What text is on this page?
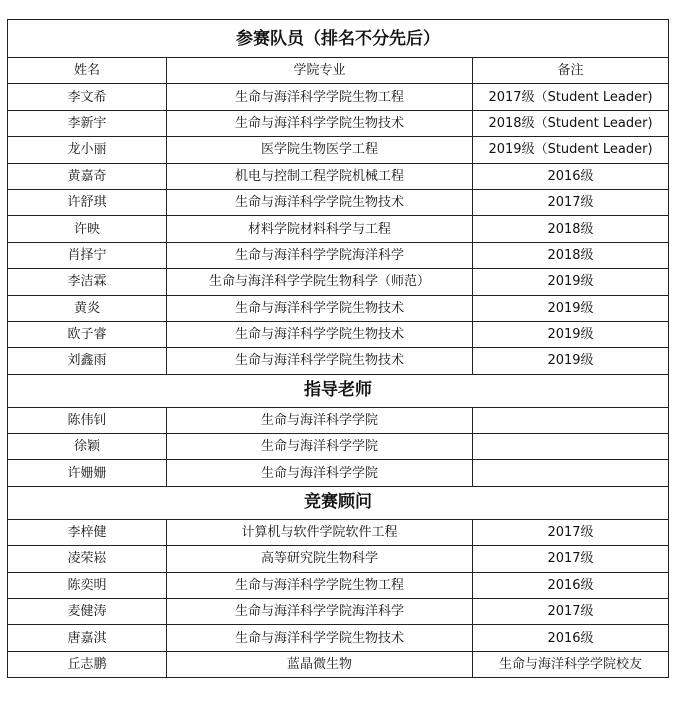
参赛队员（排名不分先后）		
姓名	学院专业	备注
李文希	生命与海洋科学学院生物工程	2017级（Student Leader)
李新宇	生命与海洋科学学院生物技术	2018级（Student Leader)
龙小丽	医学院生物医学工程	2019级（Student Leader)
黄嘉奇	机电与控制工程学院机械工程	2016级
许舒琪	生命与海洋科学学院生物技术	2017级
许映	材料学院材料科学与工程	2018级
肖择宁	生命与海洋科学学院海洋科学	2018级
李洁霖	生命与海洋科学学院生物科学（师范）	2019级
黄炎	生命与海洋科学学院生物技术	2019级
欧子睿	生命与海洋科学学院生物技术	2019级
刘鑫雨	生命与海洋科学学院生物技术	2019级
指导老师		
陈伟钊	生命与海洋科学学院	
徐颖	生命与海洋科学学院	
许姗姗	生命与海洋科学学院	
竞赛顾问		
李梓健	计算机与软件学院软件工程	2017级
凌荣崧	高等研究院生物科学	2017级
陈奕明	生命与海洋科学学院生物工程	2016级
麦健涛	生命与海洋科学学院海洋科学	2017级
唐嘉淇	生命与海洋科学学院生物技术	2016级
丘志鹏	蓝晶微生物	生命与海洋科学学院校友
